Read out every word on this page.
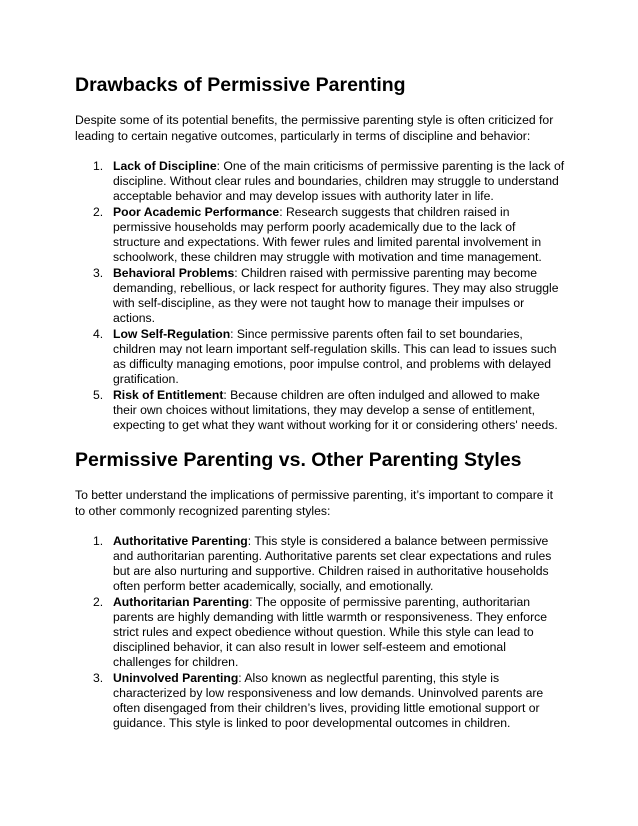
Drawbacks of Permissive Parenting

Despite some of its potential benefits, the permissive parenting style is often criticized for leading to certain negative outcomes, particularly in terms of discipline and behavior:

1. Lack of Discipline: One of the main criticisms of permissive parenting is the lack of discipline. Without clear rules and boundaries, children may struggle to understand acceptable behavior and may develop issues with authority later in life.
2. Poor Academic Performance: Research suggests that children raised in permissive households may perform poorly academically due to the lack of structure and expectations. With fewer rules and limited parental involvement in schoolwork, these children may struggle with motivation and time management.
3. Behavioral Problems: Children raised with permissive parenting may become demanding, rebellious, or lack respect for authority figures. They may also struggle with self-discipline, as they were not taught how to manage their impulses or actions.
4. Low Self-Regulation: Since permissive parents often fail to set boundaries, children may not learn important self-regulation skills. This can lead to issues such as difficulty managing emotions, poor impulse control, and problems with delayed gratification.
5. Risk of Entitlement: Because children are often indulged and allowed to make their own choices without limitations, they may develop a sense of entitlement, expecting to get what they want without working for it or considering others' needs.
Permissive Parenting vs. Other Parenting Styles

To better understand the implications of permissive parenting, it’s important to compare it to other commonly recognized parenting styles:

1. Authoritative Parenting: This style is considered a balance between permissive and authoritarian parenting. Authoritative parents set clear expectations and rules but are also nurturing and supportive. Children raised in authoritative households often perform better academically, socially, and emotionally.
2. Authoritarian Parenting: The opposite of permissive parenting, authoritarian parents are highly demanding with little warmth or responsiveness. They enforce strict rules and expect obedience without question. While this style can lead to disciplined behavior, it can also result in lower self-esteem and emotional challenges for children.
3. Uninvolved Parenting: Also known as neglectful parenting, this style is characterized by low responsiveness and low demands. Uninvolved parents are often disengaged from their children’s lives, providing little emotional support or guidance. This style is linked to poor developmental outcomes in children.
